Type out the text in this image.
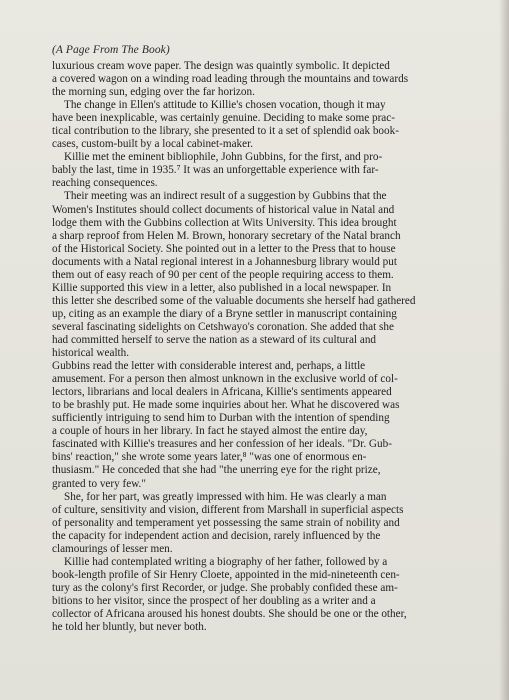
(A Page From The Book)
luxurious cream wove paper. The design was quaintly symbolic. It depicted
a covered wagon on a winding road leading through the mountains and towards
the morning sun, edging over the far horizon.
The change in Ellen's attitude to Killie's chosen vocation, though it may
have been inexplicable, was certainly genuine. Deciding to make some prac-
tical contribution to the library, she presented to it a set of splendid oak book-
cases, custom-built by a local cabinet-maker.
Killie met the eminent bibliophile, John Gubbins, for the first, and pro-
bably the last, time in 1935.⁷ It was an unforgettable experience with far-
reaching consequences.
Their meeting was an indirect result of a suggestion by Gubbins that the
Women's Institutes should collect documents of historical value in Natal and
lodge them with the Gubbins collection at Wits University. This idea brought
a sharp reproof from Helen M. Brown, honorary secretary of the Natal branch
of the Historical Society. She pointed out in a letter to the Press that to house
documents with a Natal regional interest in a Johannesburg library would put
them out of easy reach of 90 per cent of the people requiring access to them.
Killie supported this view in a letter, also published in a local newspaper. In
this letter she described some of the valuable documents she herself had gathered
up, citing as an example the diary of a Bryne settler in manuscript containing
several fascinating sidelights on Cetshwayo's coronation. She added that she
had committed herself to serve the nation as a steward of its cultural and
historical wealth.
Gubbins read the letter with considerable interest and, perhaps, a little
amusement. For a person then almost unknown in the exclusive world of col-
lectors, librarians and local dealers in Africana, Killie's sentiments appeared
to be brashly put. He made some inquiries about her. What he discovered was
sufficiently intriguing to send him to Durban with the intention of spending
a couple of hours in her library. In fact he stayed almost the entire day,
fascinated with Killie's treasures and her confession of her ideals. "Dr. Gub-
bins' reaction," she wrote some years later,⁸ "was one of enormous en-
thusiasm." He conceded that she had "the unerring eye for the right prize,
granted to very few."
She, for her part, was greatly impressed with him. He was clearly a man
of culture, sensitivity and vision, different from Marshall in superficial aspects
of personality and temperament yet possessing the same strain of nobility and
the capacity for independent action and decision, rarely influenced by the
clamourings of lesser men.
Killie had contemplated writing a biography of her father, followed by a
book-length profile of Sir Henry Cloete, appointed in the mid-nineteenth cen-
tury as the colony's first Recorder, or judge. She probably confided these am-
bitions to her visitor, since the prospect of her doubling as a writer and a
collector of Africana aroused his honest doubts. She should be one or the other,
he told her bluntly, but never both.
